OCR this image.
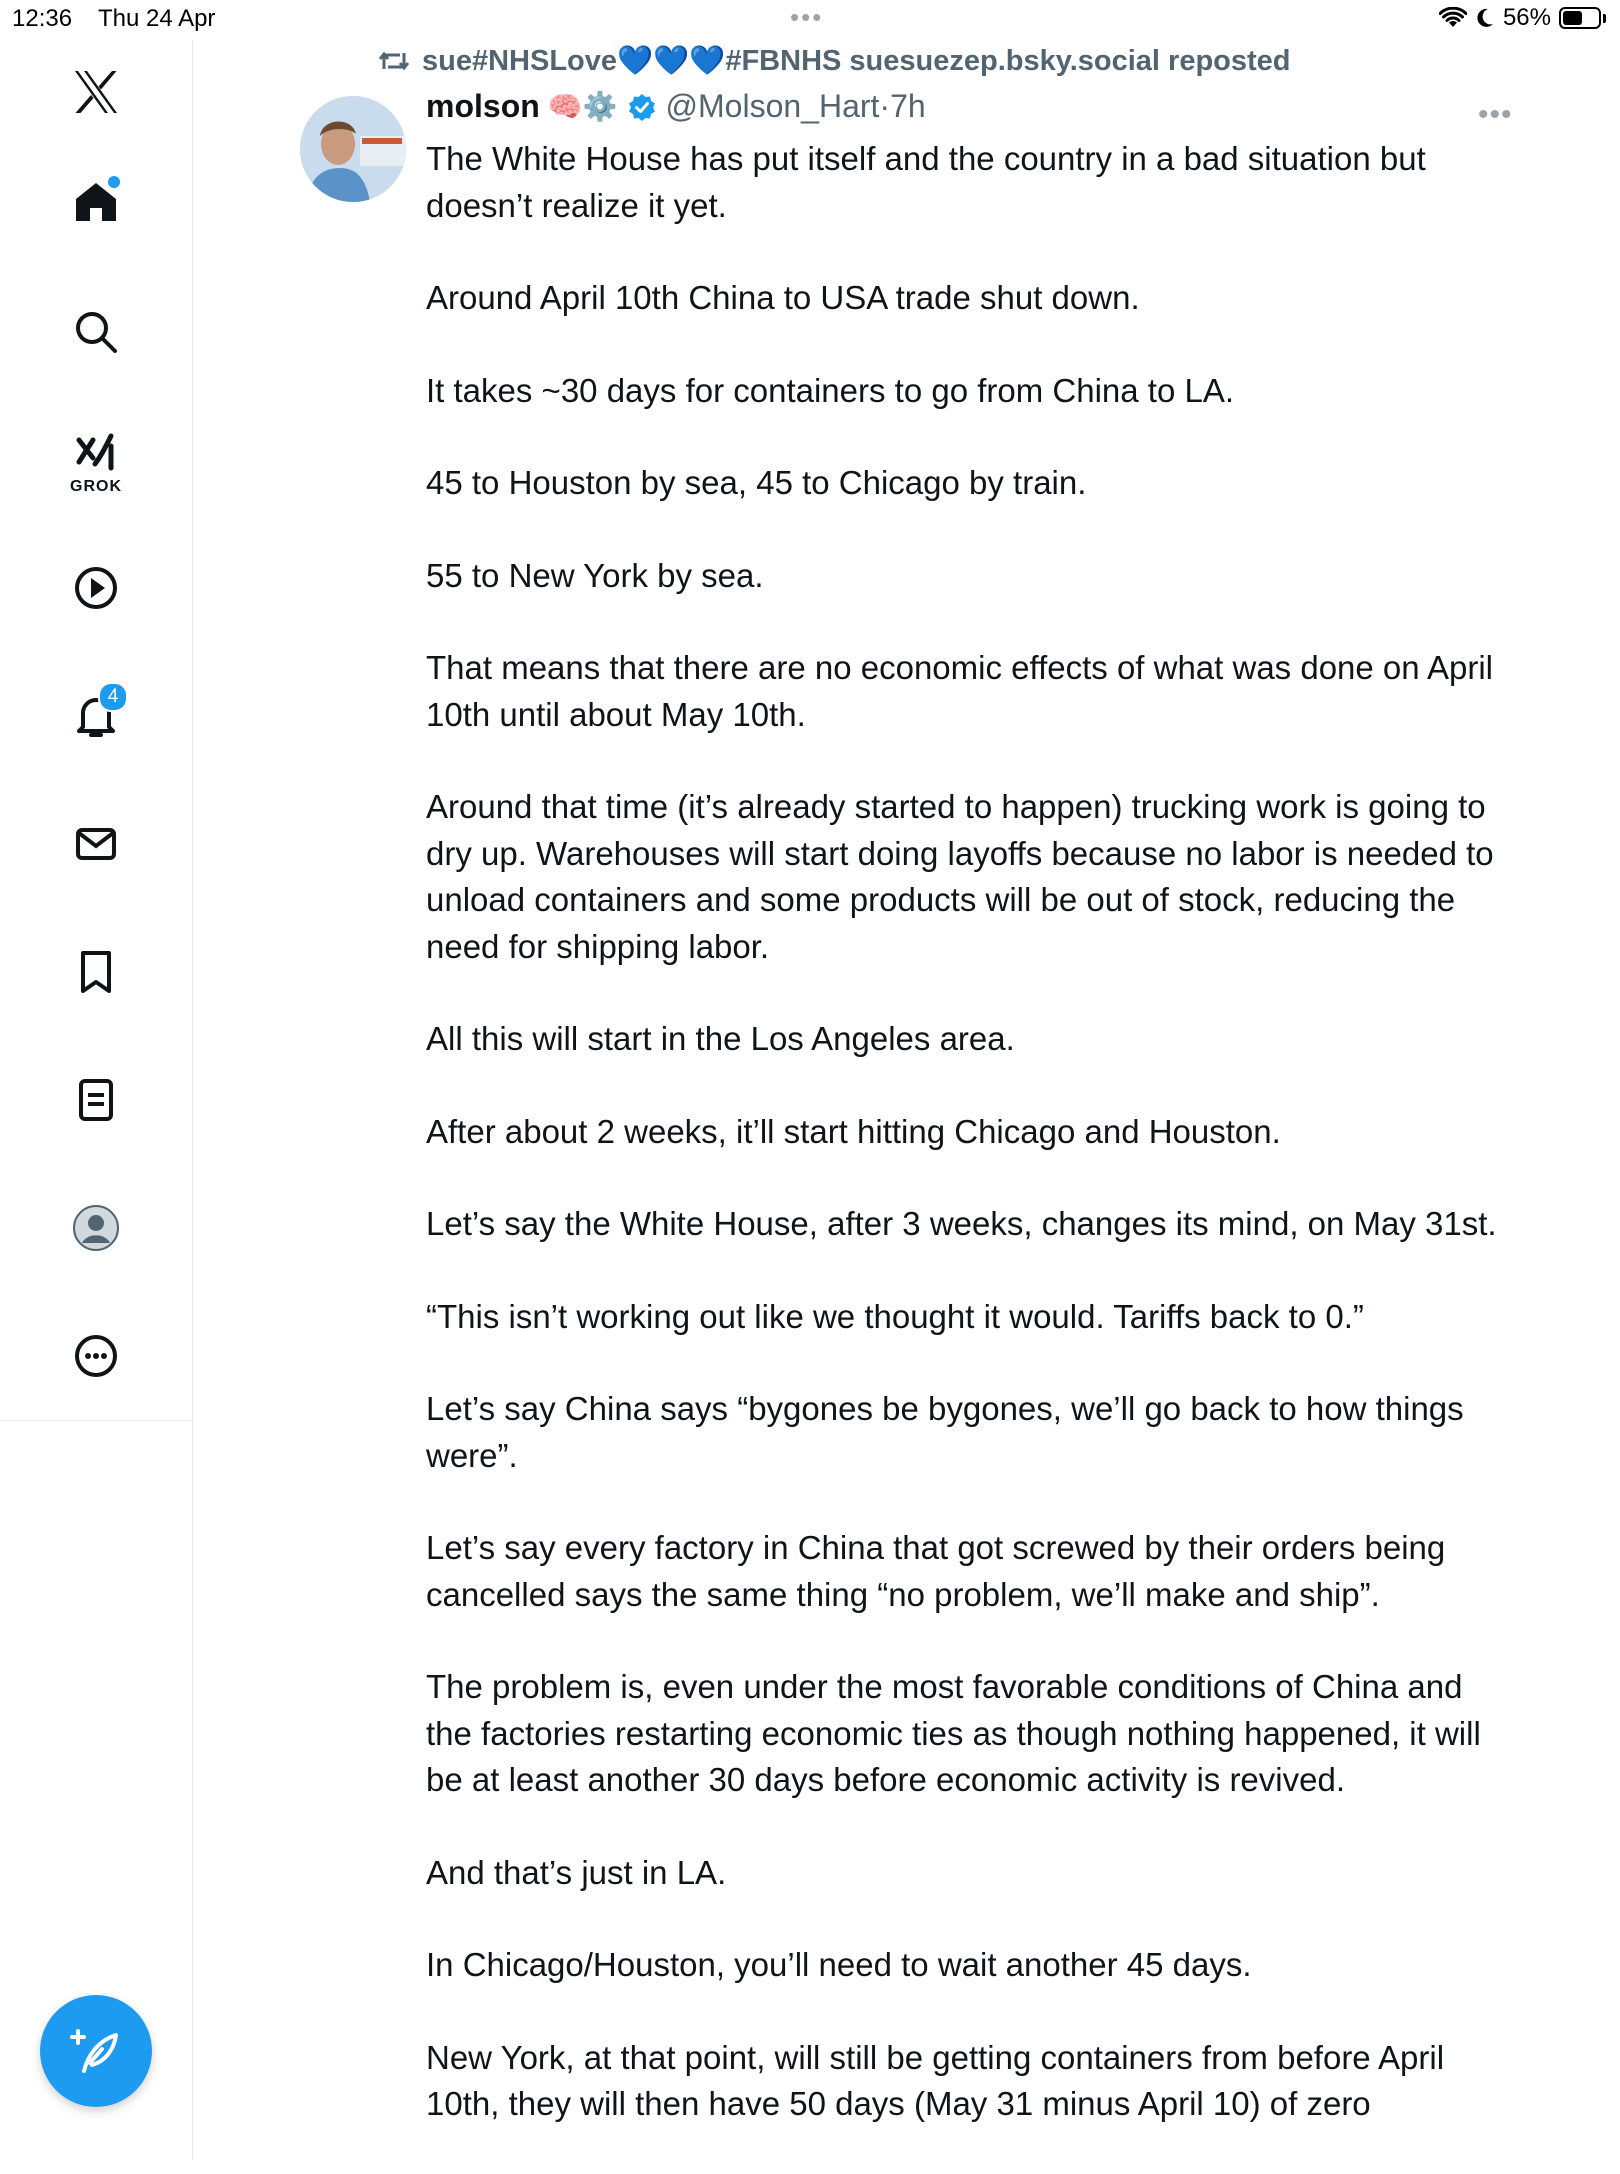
12:36 Thu 24 Apr	•••	56%
GROK
4
sue#NHSLove💙💙💙#FBNHS suesuezep.bsky.social reposted
molson 🧠⚙️ @Molson_Hart · 7h	•••

The White House has put itself and the country in a bad situation but doesn’t realize it yet.

Around April 10th China to USA trade shut down.

It takes ~30 days for containers to go from China to LA.

45 to Houston by sea, 45 to Chicago by train.

55 to New York by sea.

That means that there are no economic effects of what was done on April 10th until about May 10th.

Around that time (it’s already started to happen) trucking work is going to dry up. Warehouses will start doing layoffs because no labor is needed to unload containers and some products will be out of stock, reducing the need for shipping labor.

All this will start in the Los Angeles area.

After about 2 weeks, it’ll start hitting Chicago and Houston.

Let’s say the White House, after 3 weeks, changes its mind, on May 31st.

“This isn’t working out like we thought it would. Tariffs back to 0.”

Let’s say China says “bygones be bygones, we’ll go back to how things were”.

Let’s say every factory in China that got screwed by their orders being cancelled says the same thing “no problem, we’ll make and ship”.

The problem is, even under the most favorable conditions of China and the factories restarting economic ties as though nothing happened, it will be at least another 30 days before economic activity is revived.

And that’s just in LA.

In Chicago/Houston, you’ll need to wait another 45 days.

New York, at that point, will still be getting containers from before April 10th, they will then have 50 days (May 31 minus April 10) of zero
